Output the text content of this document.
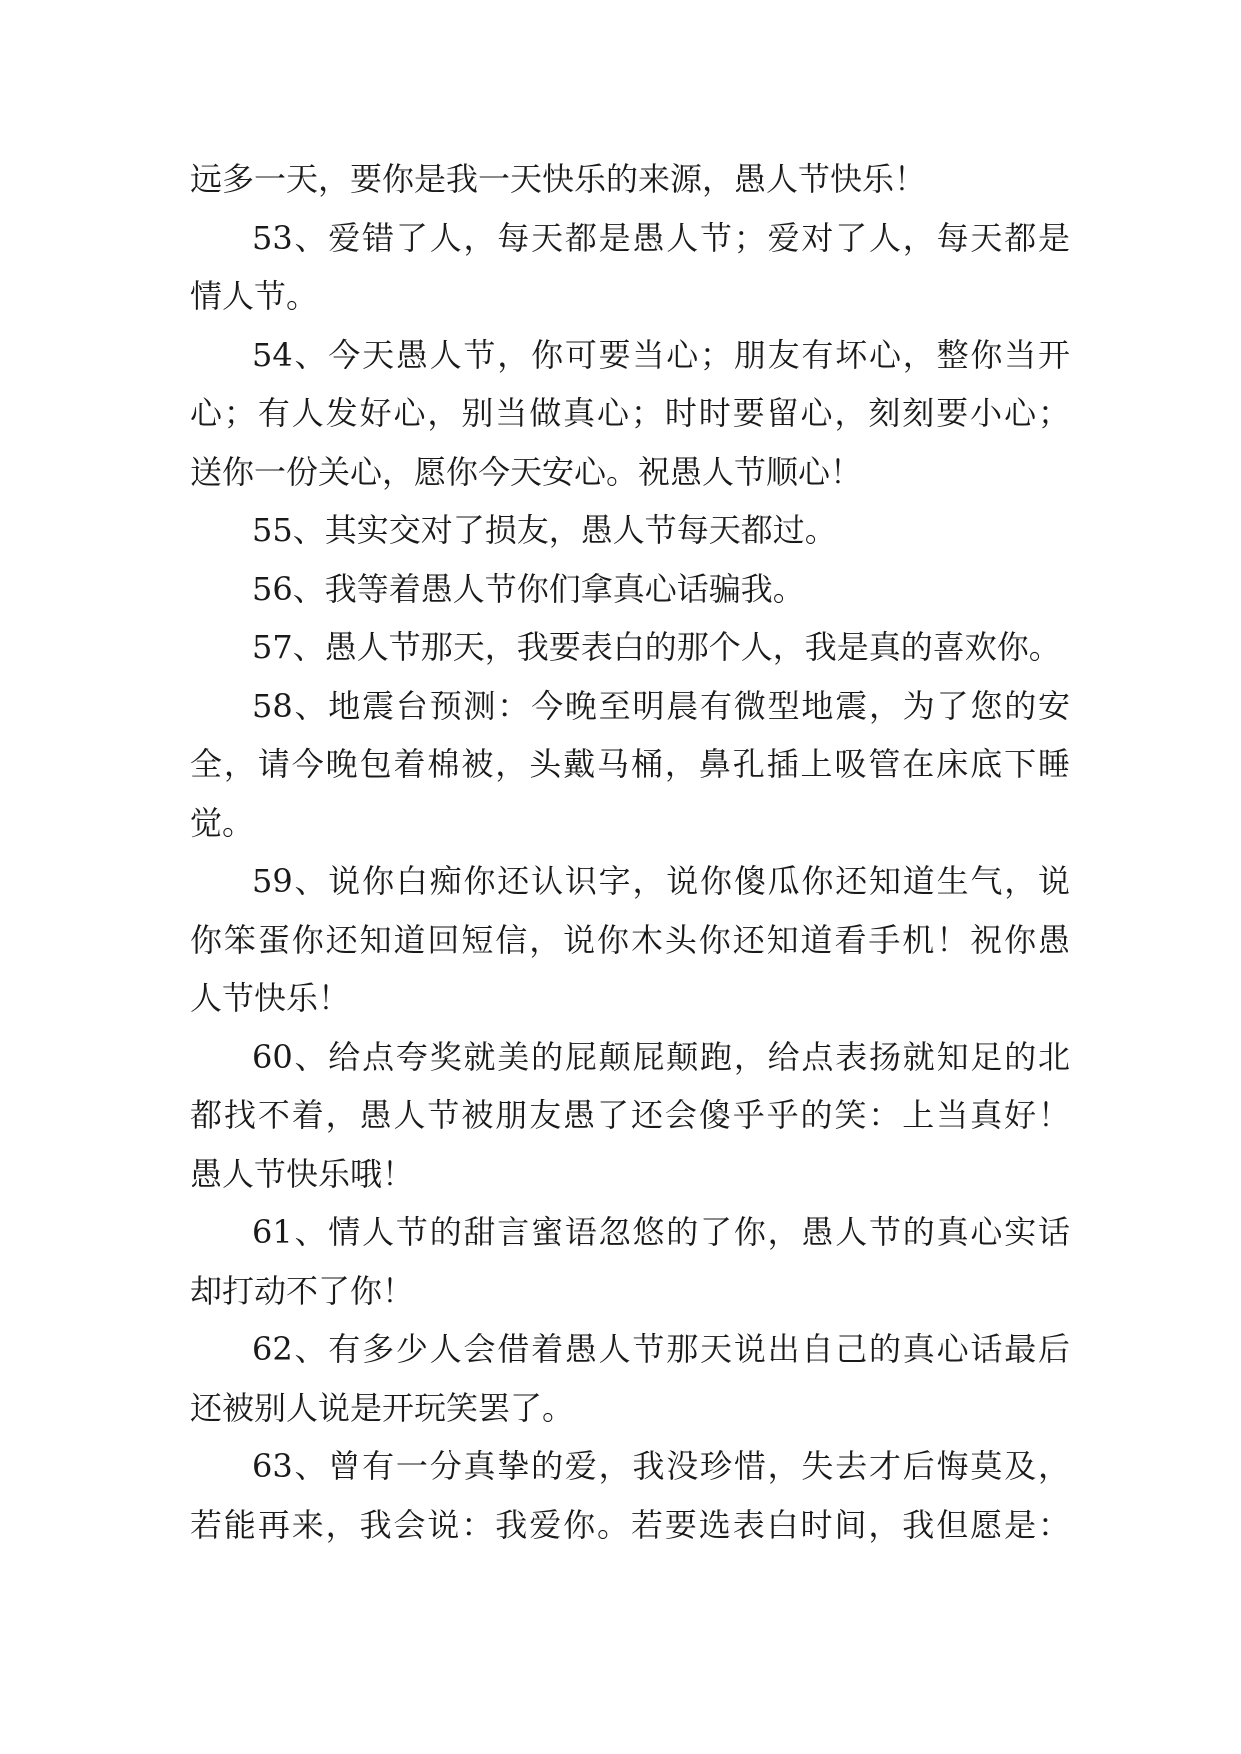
远多一天，要你是我一天快乐的来源，愚人节快乐！
53、爱错了人，每天都是愚人节；爱对了人，每天都是
情人节。
54、今天愚人节，你可要当心；朋友有坏心，整你当开
心；有人发好心，别当做真心；时时要留心，刻刻要小心；
送你一份关心，愿你今天安心。祝愚人节顺心！
55、其实交对了损友，愚人节每天都过。
56、我等着愚人节你们拿真心话骗我。
57、愚人节那天，我要表白的那个人，我是真的喜欢你。
58、地震台预测：今晚至明晨有微型地震，为了您的安
全，请今晚包着棉被，头戴马桶，鼻孔插上吸管在床底下睡
觉。
59、说你白痴你还认识字，说你傻瓜你还知道生气，说
你笨蛋你还知道回短信，说你木头你还知道看手机！祝你愚
人节快乐！
60、给点夸奖就美的屁颠屁颠跑，给点表扬就知足的北
都找不着，愚人节被朋友愚了还会傻乎乎的笑：上当真好！
愚人节快乐哦！
61、情人节的甜言蜜语忽悠的了你，愚人节的真心实话
却打动不了你！
62、有多少人会借着愚人节那天说出自己的真心话最后
还被别人说是开玩笑罢了。
63、曾有一分真挚的爱，我没珍惜，失去才后悔莫及，
若能再来，我会说：我爱你。若要选表白时间，我但愿是：
